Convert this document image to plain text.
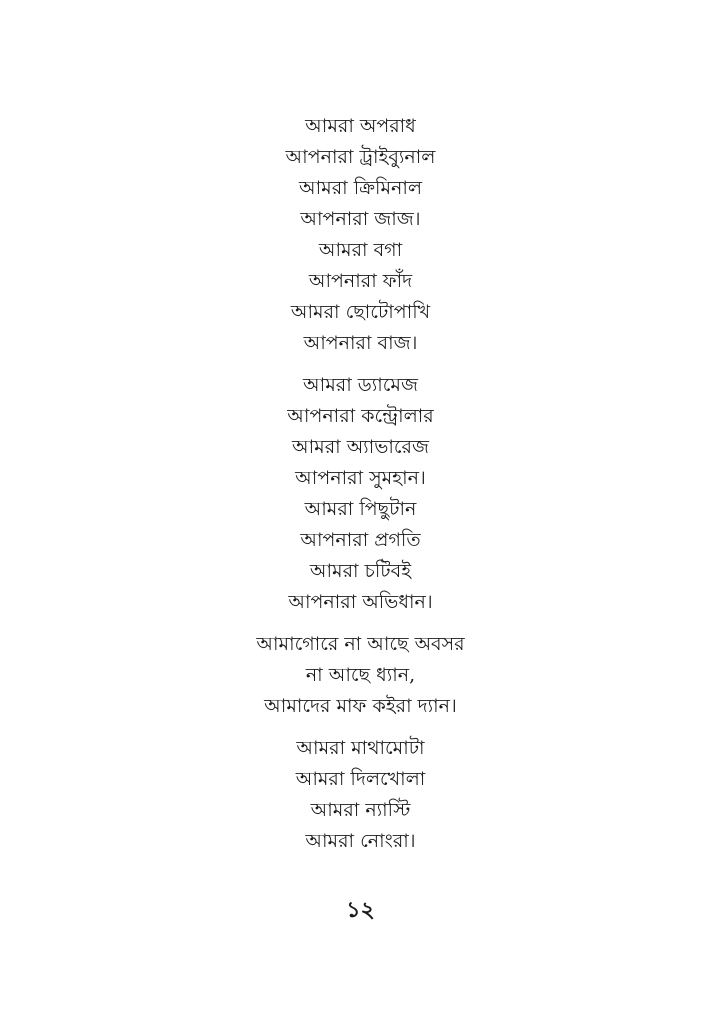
আমরা অপরাধ
আপনারা ট্রাইব্যুনাল
আমরা ক্রিমিনাল
আপনারা জাজ।
আমরা বগা
আপনারা ফাঁদ
আমরা ছোটোপাখি
আপনারা বাজ।
আমরা ড্যামেজ
আপনারা কন্ট্রোলার
আমরা অ্যাভারেজ
আপনারা সুমহান।
আমরা পিছুটান
আপনারা প্রগতি
আমরা চটিবই
আপনারা অভিধান।
আমাগোরে না আছে অবসর
না আছে ধ্যান,
আমাদের মাফ কইরা দ্যান।
আমরা মাথামোটা
আমরা দিলখোলা
আমরা ন্যাস্টি
আমরা নোংরা।
১২
